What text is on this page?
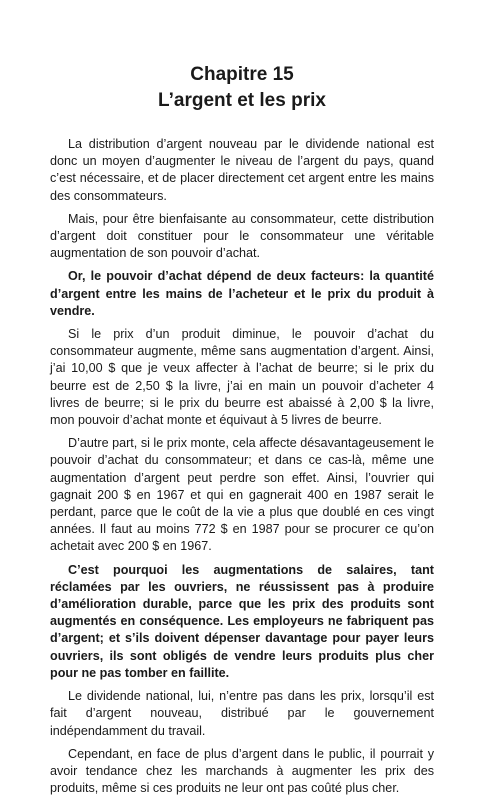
Chapitre 15
L’argent et les prix

La distribution d’argent nouveau par le dividende national est donc un moyen d’augmenter le niveau de l’argent du pays, quand c’est nécessaire, et de placer directement cet argent entre les mains des consommateurs.

Mais, pour être bienfaisante au consommateur, cette distribution d’argent doit constituer pour le consommateur une véritable augmentation de son pouvoir d’achat.

Or, le pouvoir d’achat dépend de deux facteurs: la quantité d’argent entre les mains de l’acheteur et le prix du produit à vendre.

Si le prix d’un produit diminue, le pouvoir d’achat du consommateur augmente, même sans augmentation d’argent. Ainsi, j’ai 10,00 $ que je veux affecter à l’achat de beurre; si le prix du beurre est de 2,50 $ la livre, j’ai en main un pouvoir d’acheter 4 livres de beurre; si le prix du beurre est abaissé à 2,00 $ la livre, mon pouvoir d’achat monte et équivaut à 5 livres de beurre.

D’autre part, si le prix monte, cela affecte désavantageusement le pouvoir d’achat du consommateur; et dans ce cas-là, même une augmentation d’argent peut perdre son effet. Ainsi, l’ouvrier qui gagnait 200 $ en 1967 et qui en gagnerait 400 en 1987 serait le perdant, parce que le coût de la vie a plus que doublé en ces vingt années. Il faut au moins 772 $ en 1987 pour se procurer ce qu’on achetait avec 200 $ en 1967.

C’est pourquoi les augmentations de salaires, tant réclamées par les ouvriers, ne réussissent pas à produire d’amélioration durable, parce que les prix des produits sont augmentés en conséquence. Les employeurs ne fabriquent pas d’argent; et s’ils doivent dépenser davantage pour payer leurs ouvriers, ils sont obligés de vendre leurs produits plus cher pour ne pas tomber en faillite.

Le dividende national, lui, n’entre pas dans les prix, lorsqu’il est fait d’argent nouveau, distribué par le gouvernement indépendamment du travail.

Cependant, en face de plus d’argent dans le public, il pourrait y avoir tendance chez les marchands à augmenter les prix des produits, même si ces produits ne leur ont pas coûté plus cher.
